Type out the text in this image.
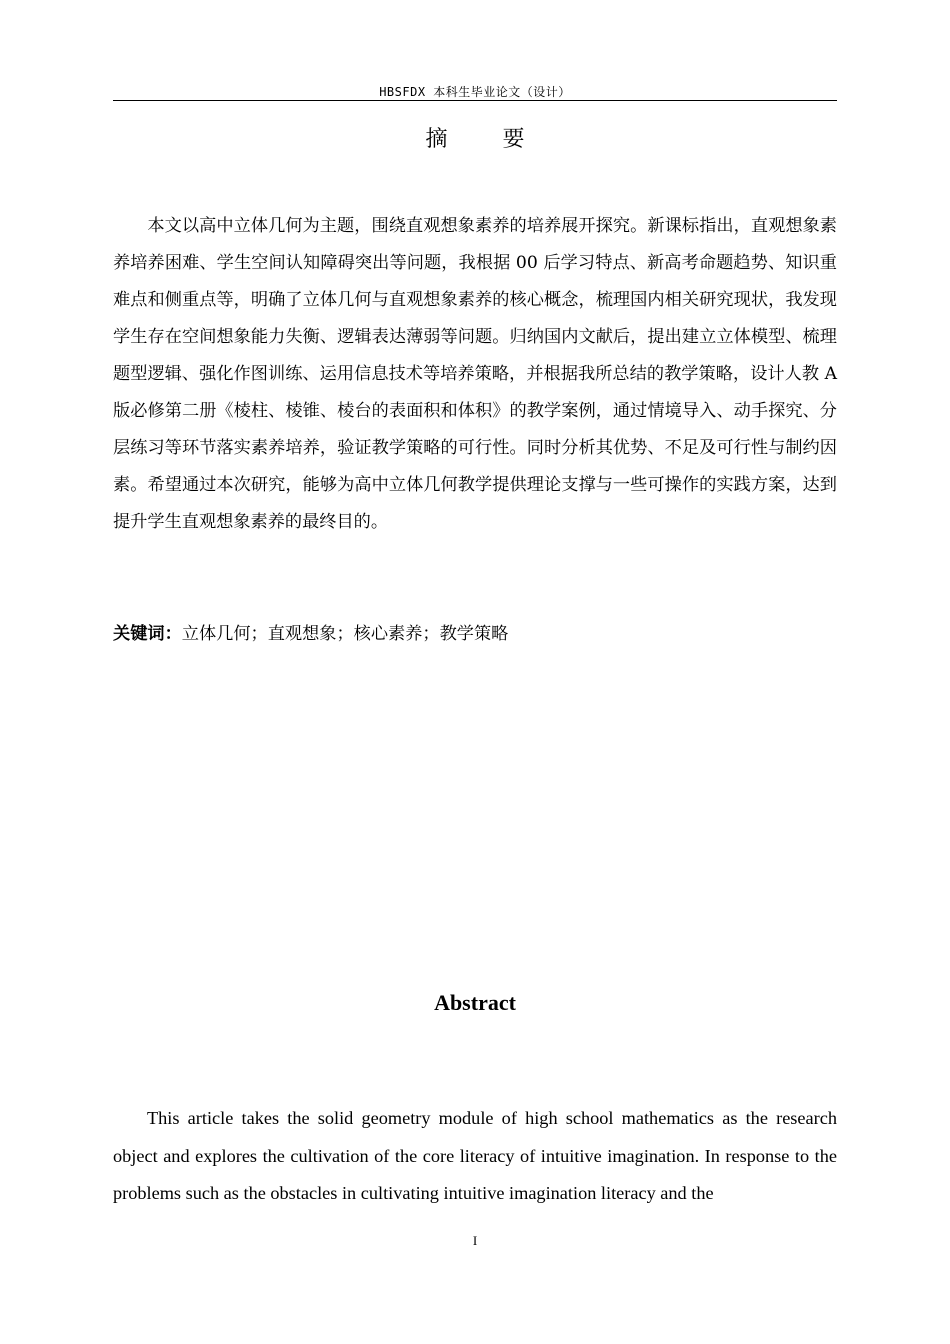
HBSFDX 本科生毕业论文（设计）
摘 要

本文以高中立体几何为主题，围绕直观想象素养的培养展开探究。新课标指出，直观想象素养培养困难、学生空间认知障碍突出等问题，我根据 00 后学习特点、新高考命题趋势、知识重难点和侧重点等，明确了立体几何与直观想象素养的核心概念，梳理国内相关研究现状，我发现学生存在空间想象能力失衡、逻辑表达薄弱等问题。归纳国内文献后，提出建立立体模型、梳理题型逻辑、强化作图训练、运用信息技术等培养策略，并根据我所总结的教学策略，设计人教 A 版必修第二册《棱柱、棱锥、棱台的表面积和体积》的教学案例，通过情境导入、动手探究、分层练习等环节落实素养培养，验证教学策略的可行性。同时分析其优势、不足及可行性与制约因素。希望通过本次研究，能够为高中立体几何教学提供理论支撑与一些可操作的实践方案，达到提升学生直观想象素养的最终目的。

关键词：立体几何；直观想象；核心素养；教学策略

Abstract

This article takes the solid geometry module of high school mathematics as the research object and explores the cultivation of the core literacy of intuitive imagination. In response to the problems such as the obstacles in cultivating intuitive imagination literacy and the

I
